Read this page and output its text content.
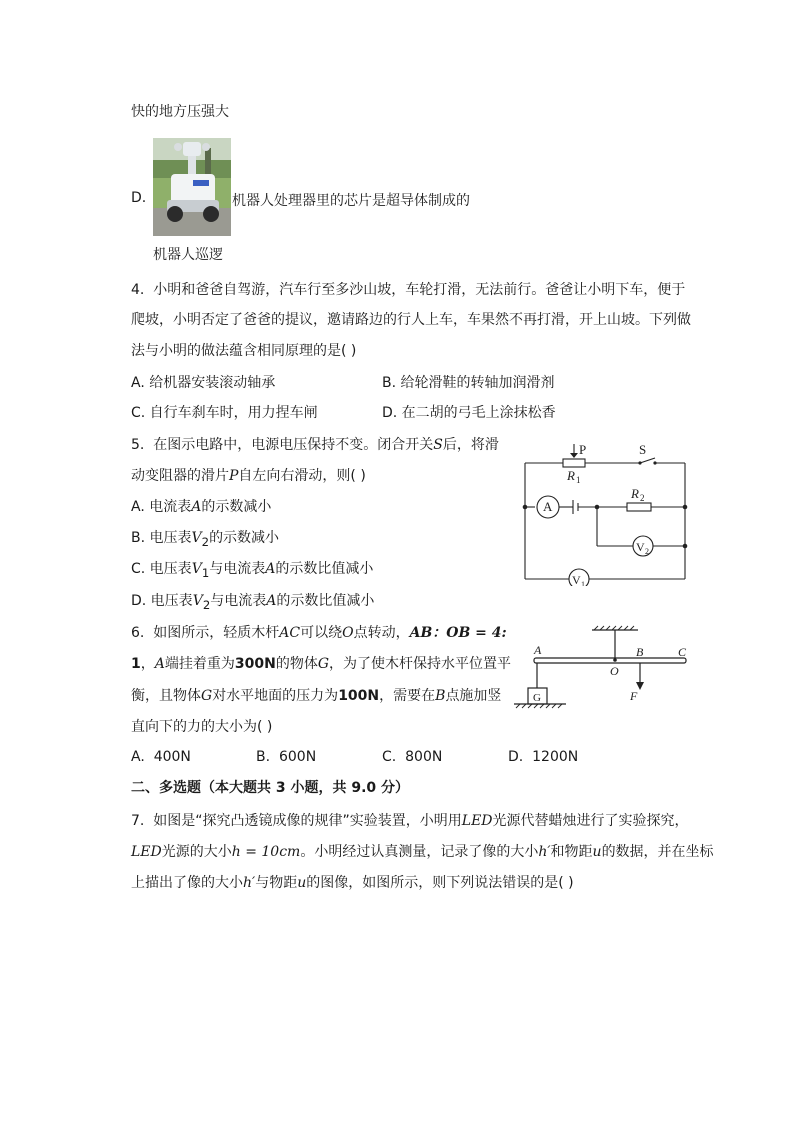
快的地方压强大
D.	机器人处理器里的芯片是超导体制成的
机器人巡逻
4. 小明和爸爸自驾游，汽车行至多沙山坡，车轮打滑，无法前行。爸爸让小明下车，便于
爬坡，小明否定了爸爸的提议，邀请路边的行人上车，车果然不再打滑，开上山坡。下列做
法与小明的做法蕴含相同原理的是( )
A. 给机器安装滚动轴承	B. 给轮滑鞋的转轴加润滑剂
C. 自行车刹车时，用力捏车闸	D. 在二胡的弓毛上涂抹松香
5. 在图示电路中，电源电压保持不变。闭合开关S后，将滑
动变阻器的滑片P自左向右滑动，则( )
A. 电流表A的示数减小
B. 电压表$V_2$的示数减小
C. 电压表$V_1$与电流表A的示数比值减小
D. 电压表$V_2$与电流表A的示数比值减小
P	S
R 1
R 2
A
V 2
V 1
6. 如图所示，轻质木杆AC可以绕O点转动，AB：OB = 4:
1，A端挂着重为300N的物体G，为了使木杆保持水平位置平
衡，且物体G对水平地面的压力为100N，需要在B点施加竖
直向下的力的大小为( )
A. 400N	B. 600N	C. 800N	D. 1200N
A
O
B	C
F
G
二、多选题（本大题共 3 小题，共 9.0 分）
7. 如图是“探究凸透镜成像的规律”实验装置，小明用LED光源代替蜡烛进行了实验探究，
LED光源的大小h = 10cm。小明经过认真测量，记录了像的大小h′和物距u的数据，并在坐标
上描出了像的大小h′与物距u的图像，如图所示，则下列说法错误的是( )
